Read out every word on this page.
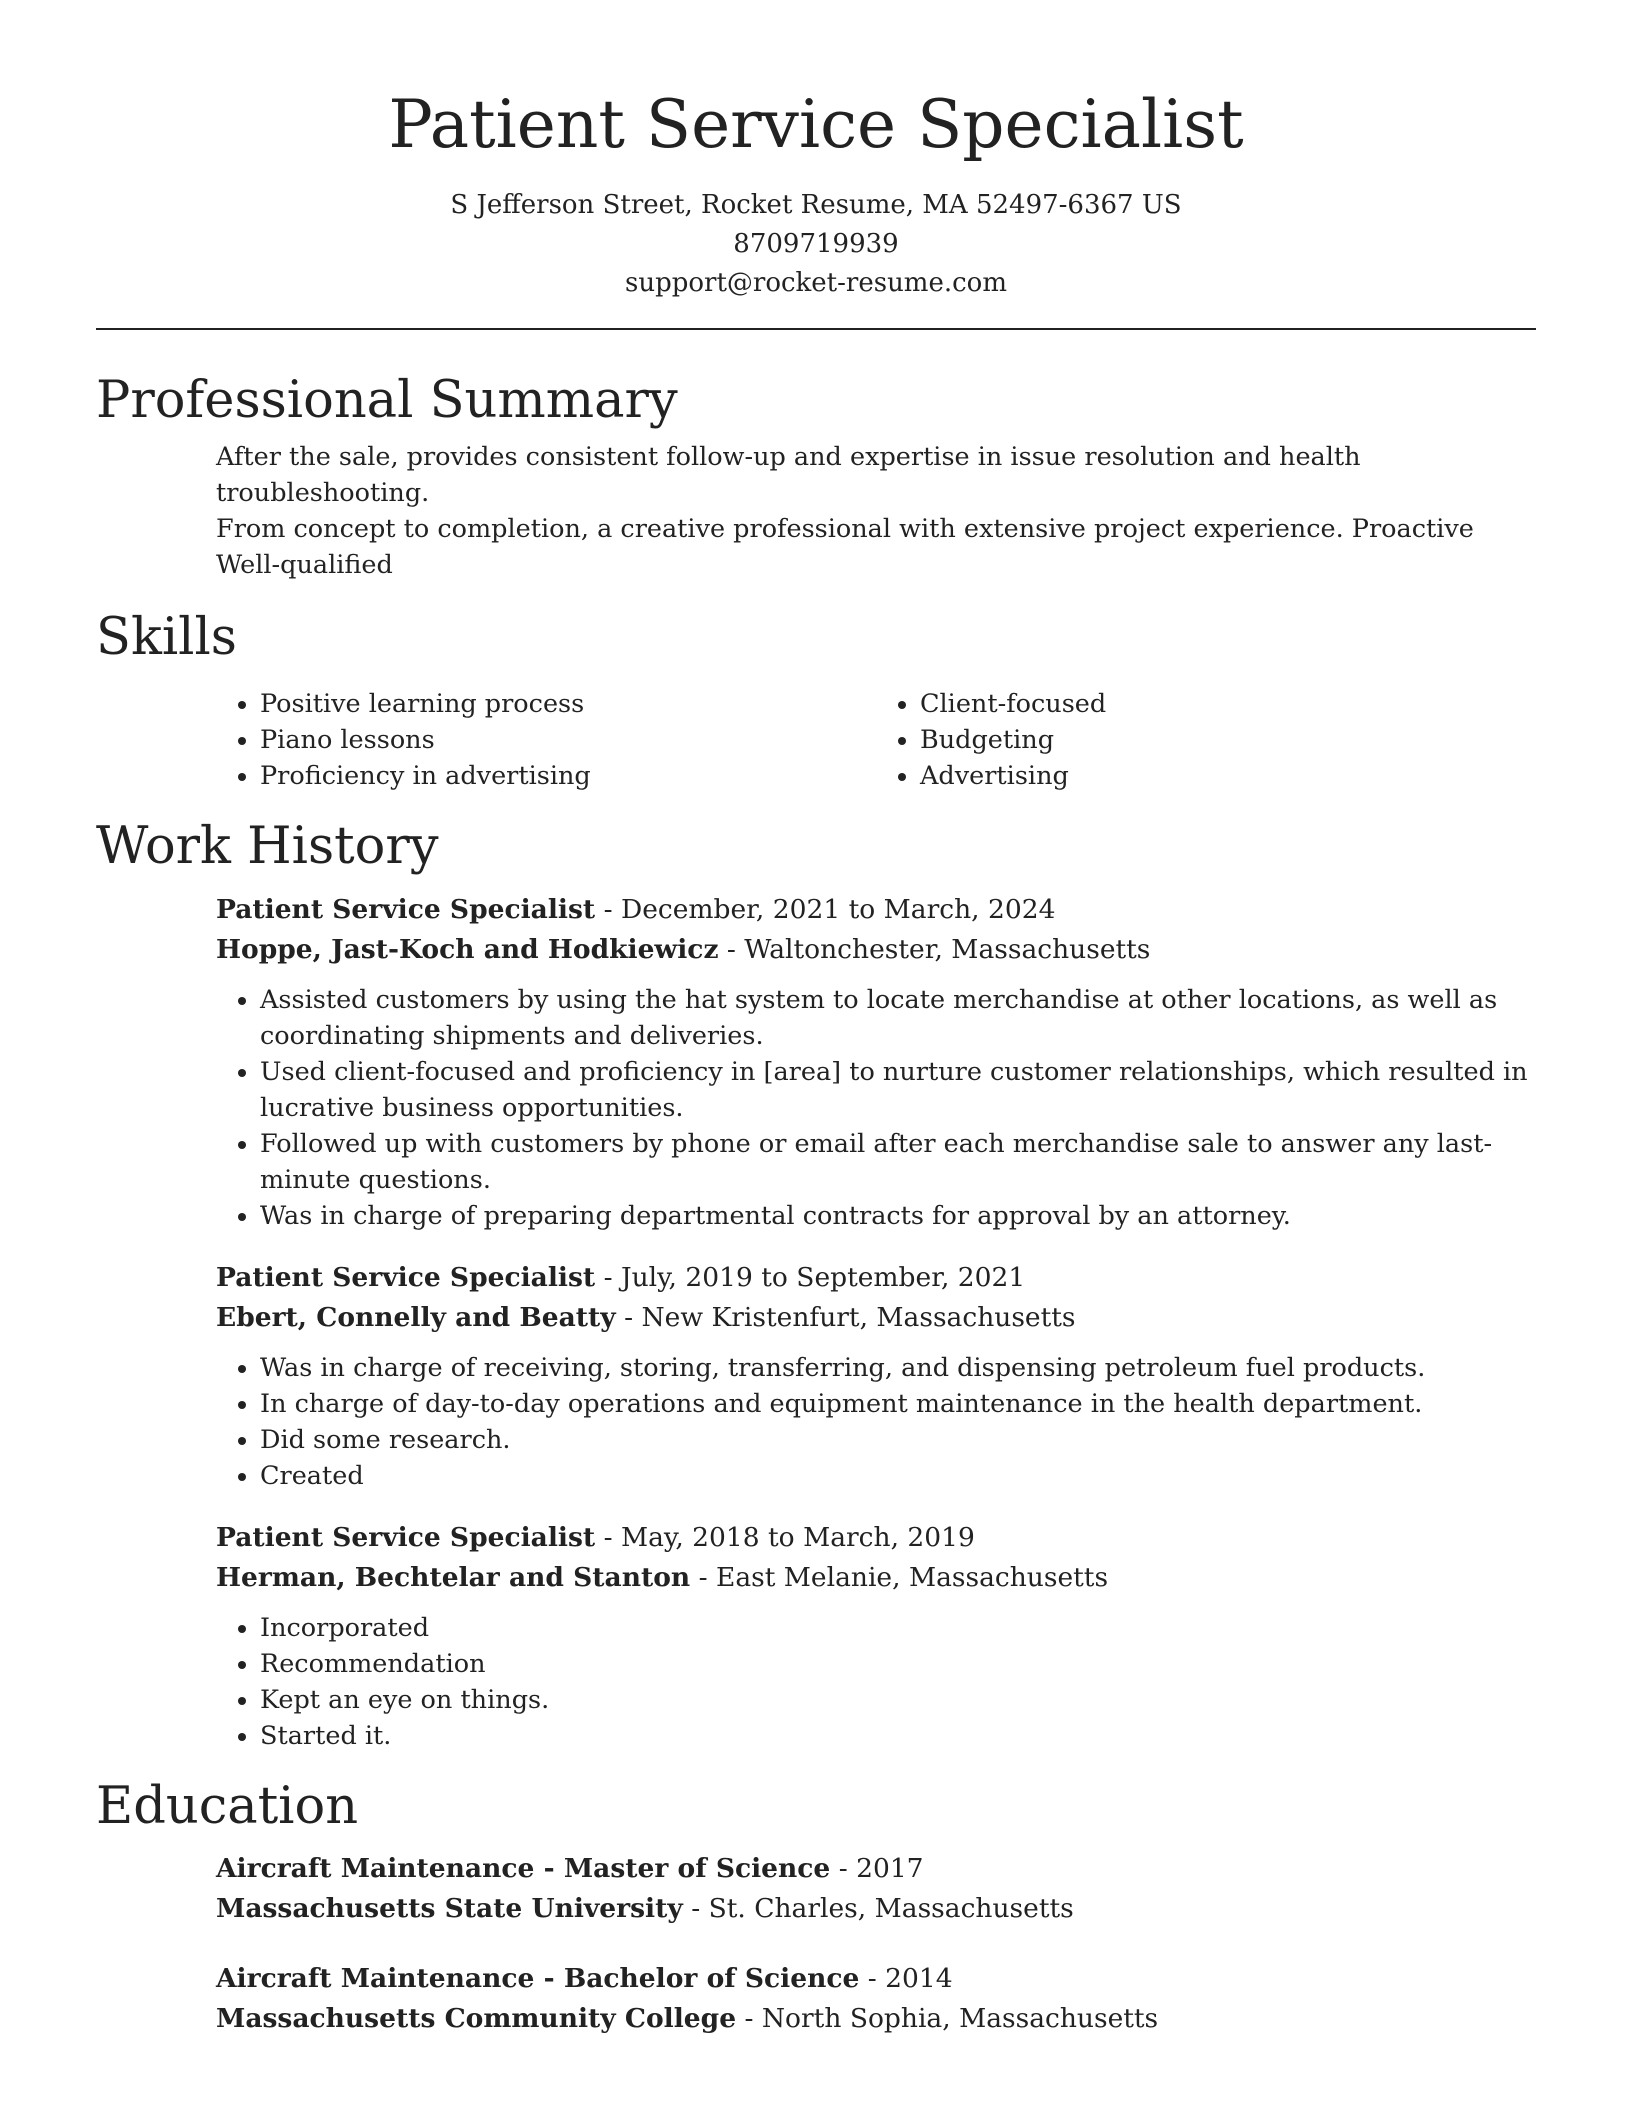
Patient Service Specialist
S Jefferson Street, Rocket Resume, MA 52497-6367 US
8709719939
support@rocket-resume.com
Professional Summary
After the sale, provides consistent follow-up and expertise in issue resolution and health troubleshooting.
From concept to completion, a creative professional with extensive project experience. Proactive Well-qualified
Skills
• Positive learning process
• Piano lessons
• Proficiency in advertising
• Client-focused
• Budgeting
• Advertising
Work History
Patient Service Specialist - December, 2021 to March, 2024
Hoppe, Jast-Koch and Hodkiewicz - Waltonchester, Massachusetts
• Assisted customers by using the hat system to locate merchandise at other locations, as well as coordinating shipments and deliveries.
• Used client-focused and proficiency in [area] to nurture customer relationships, which resulted in lucrative business opportunities.
• Followed up with customers by phone or email after each merchandise sale to answer any last-minute questions.
• Was in charge of preparing departmental contracts for approval by an attorney.
Patient Service Specialist - July, 2019 to September, 2021
Ebert, Connelly and Beatty - New Kristenfurt, Massachusetts
• Was in charge of receiving, storing, transferring, and dispensing petroleum fuel products.
• In charge of day-to-day operations and equipment maintenance in the health department.
• Did some research.
• Created
Patient Service Specialist - May, 2018 to March, 2019
Herman, Bechtelar and Stanton - East Melanie, Massachusetts
• Incorporated
• Recommendation
• Kept an eye on things.
• Started it.
Education
Aircraft Maintenance - Master of Science - 2017
Massachusetts State University - St. Charles, Massachusetts
Aircraft Maintenance - Bachelor of Science - 2014
Massachusetts Community College - North Sophia, Massachusetts
